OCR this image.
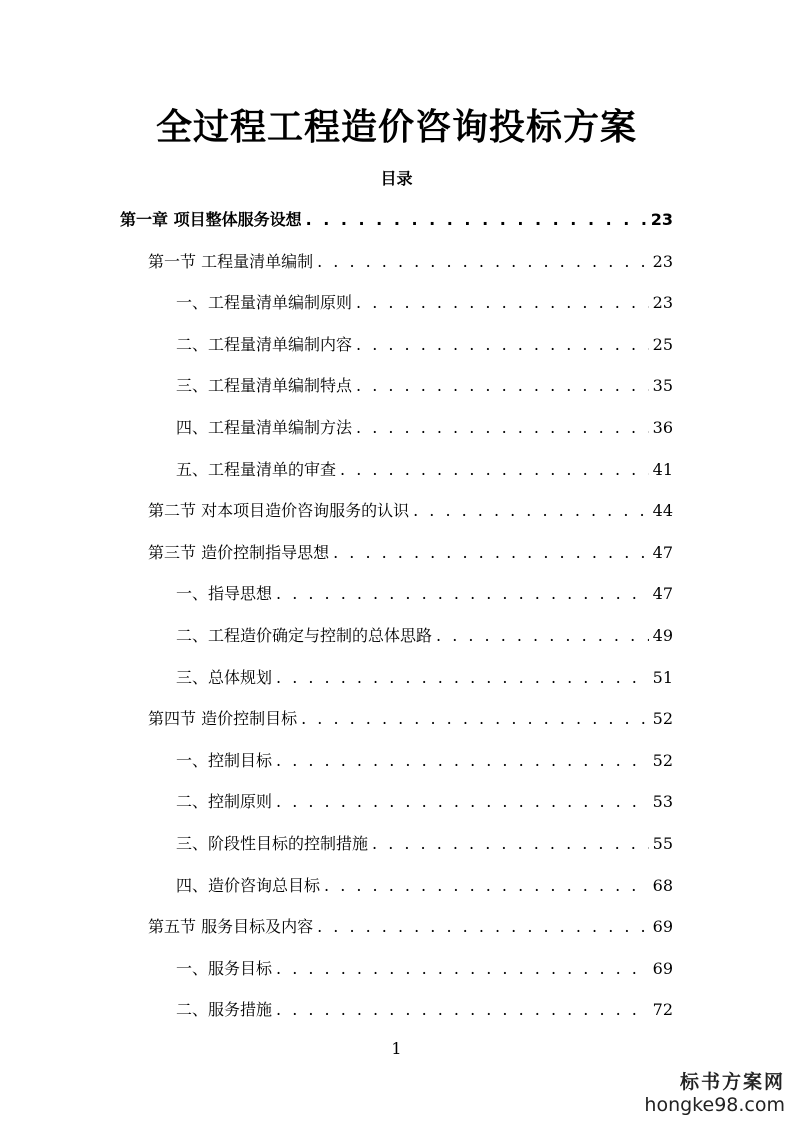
全过程工程造价咨询投标方案
目录
第一章 项目整体服务设想 . . .	23
第一节 工程量清单编制 . . .	23
一、工程量清单编制原则 . . .	23
二、工程量清单编制内容 . . .	25
三、工程量清单编制特点 . . .	35
四、工程量清单编制方法 . . .	36
五、工程量清单的审查 . . .	41
第二节 对本项目造价咨询服务的认识 . . .	44
第三节 造价控制指导思想 . . .	47
一、指导思想 . . .	47
二、工程造价确定与控制的总体思路 . . .	49
三、总体规划 . . .	51
第四节 造价控制目标 . . .	52
一、控制目标 . . .	52
二、控制原则 . . .	53
三、阶段性目标的控制措施 . . .	55
四、造价咨询总目标 . . .	68
第五节 服务目标及内容 . . .	69
一、服务目标 . . .	69
二、服务措施 . . .	72
1
标书方案网
hongke98.com
